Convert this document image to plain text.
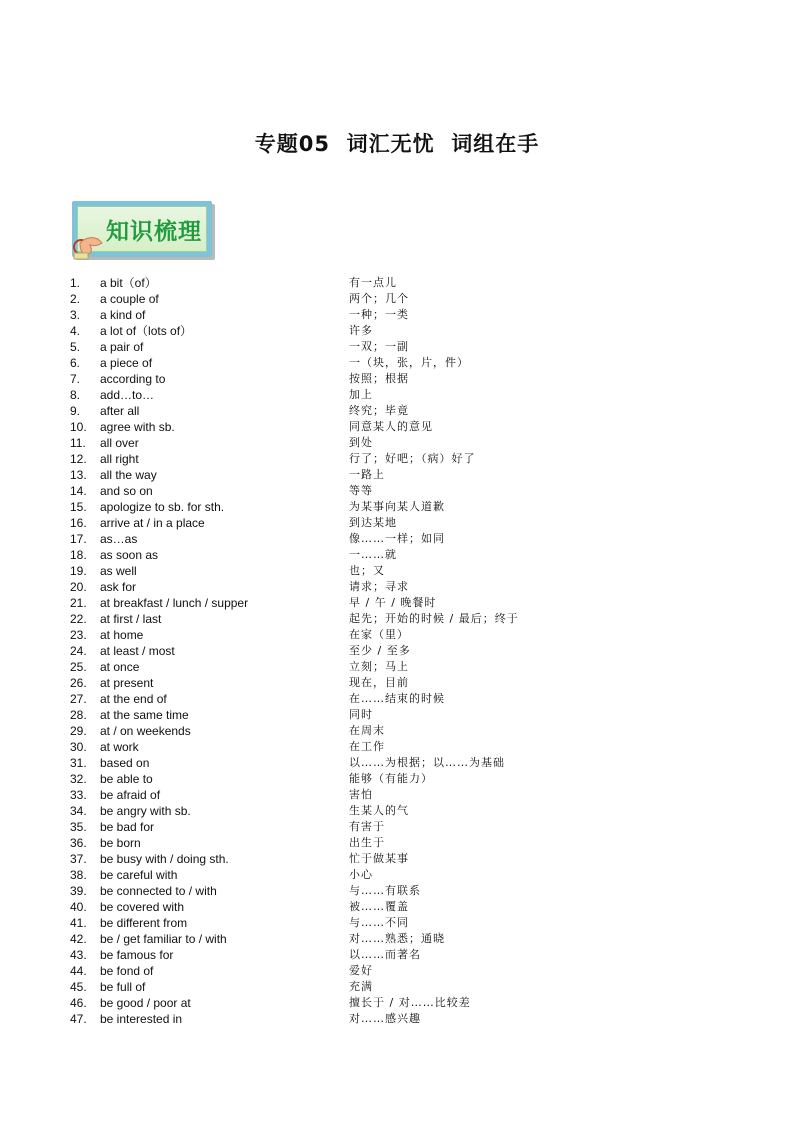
专题05  词汇无忧  词组在手
知识梳理
1.	a bit（of）	有一点儿
2.	a couple of	两个；几个
3.	a kind of	一种；一类
4.	a lot of（lots of）	许多
5.	a pair of	一双；一副
6.	a piece of	一（块，张，片，件）
7.	according to	按照；根据
8.	add…to…	加上
9.	after all	终究；毕竟
10.	agree with sb.	同意某人的意见
11.	all over	到处
12.	all right	行了；好吧；（病）好了
13.	all the way	一路上
14.	and so on	等等
15.	apologize to sb. for sth.	为某事向某人道歉
16.	arrive at / in a place	到达某地
17.	as…as	像……一样；如同
18.	as soon as	一……就
19.	as well	也；又
20.	ask for	请求；寻求
21.	at breakfast / lunch / supper	早 / 午 / 晚餐时
22.	at first / last	起先；开始的时候 / 最后；终于
23.	at home	在家（里）
24.	at least / most	至少 / 至多
25.	at once	立刻；马上
26.	at present	现在，目前
27.	at the end of	在……结束的时候
28.	at the same time	同时
29.	at / on weekends	在周末
30.	at work	在工作
31.	based on	以……为根据；以……为基础
32.	be able to	能够（有能力）
33.	be afraid of	害怕
34.	be angry with sb.	生某人的气
35.	be bad for	有害于
36.	be born	出生于
37.	be busy with / doing sth.	忙于做某事
38.	be careful with	小心
39.	be connected to / with	与……有联系
40.	be covered with	被……覆盖
41.	be different from	与……不同
42.	be / get familiar to / with	对……熟悉；通晓
43.	be famous for	以……而著名
44.	be fond of	爱好
45.	be full of	充满
46.	be good / poor at	擅长于 / 对……比较差
47.	be interested in	对……感兴趣
